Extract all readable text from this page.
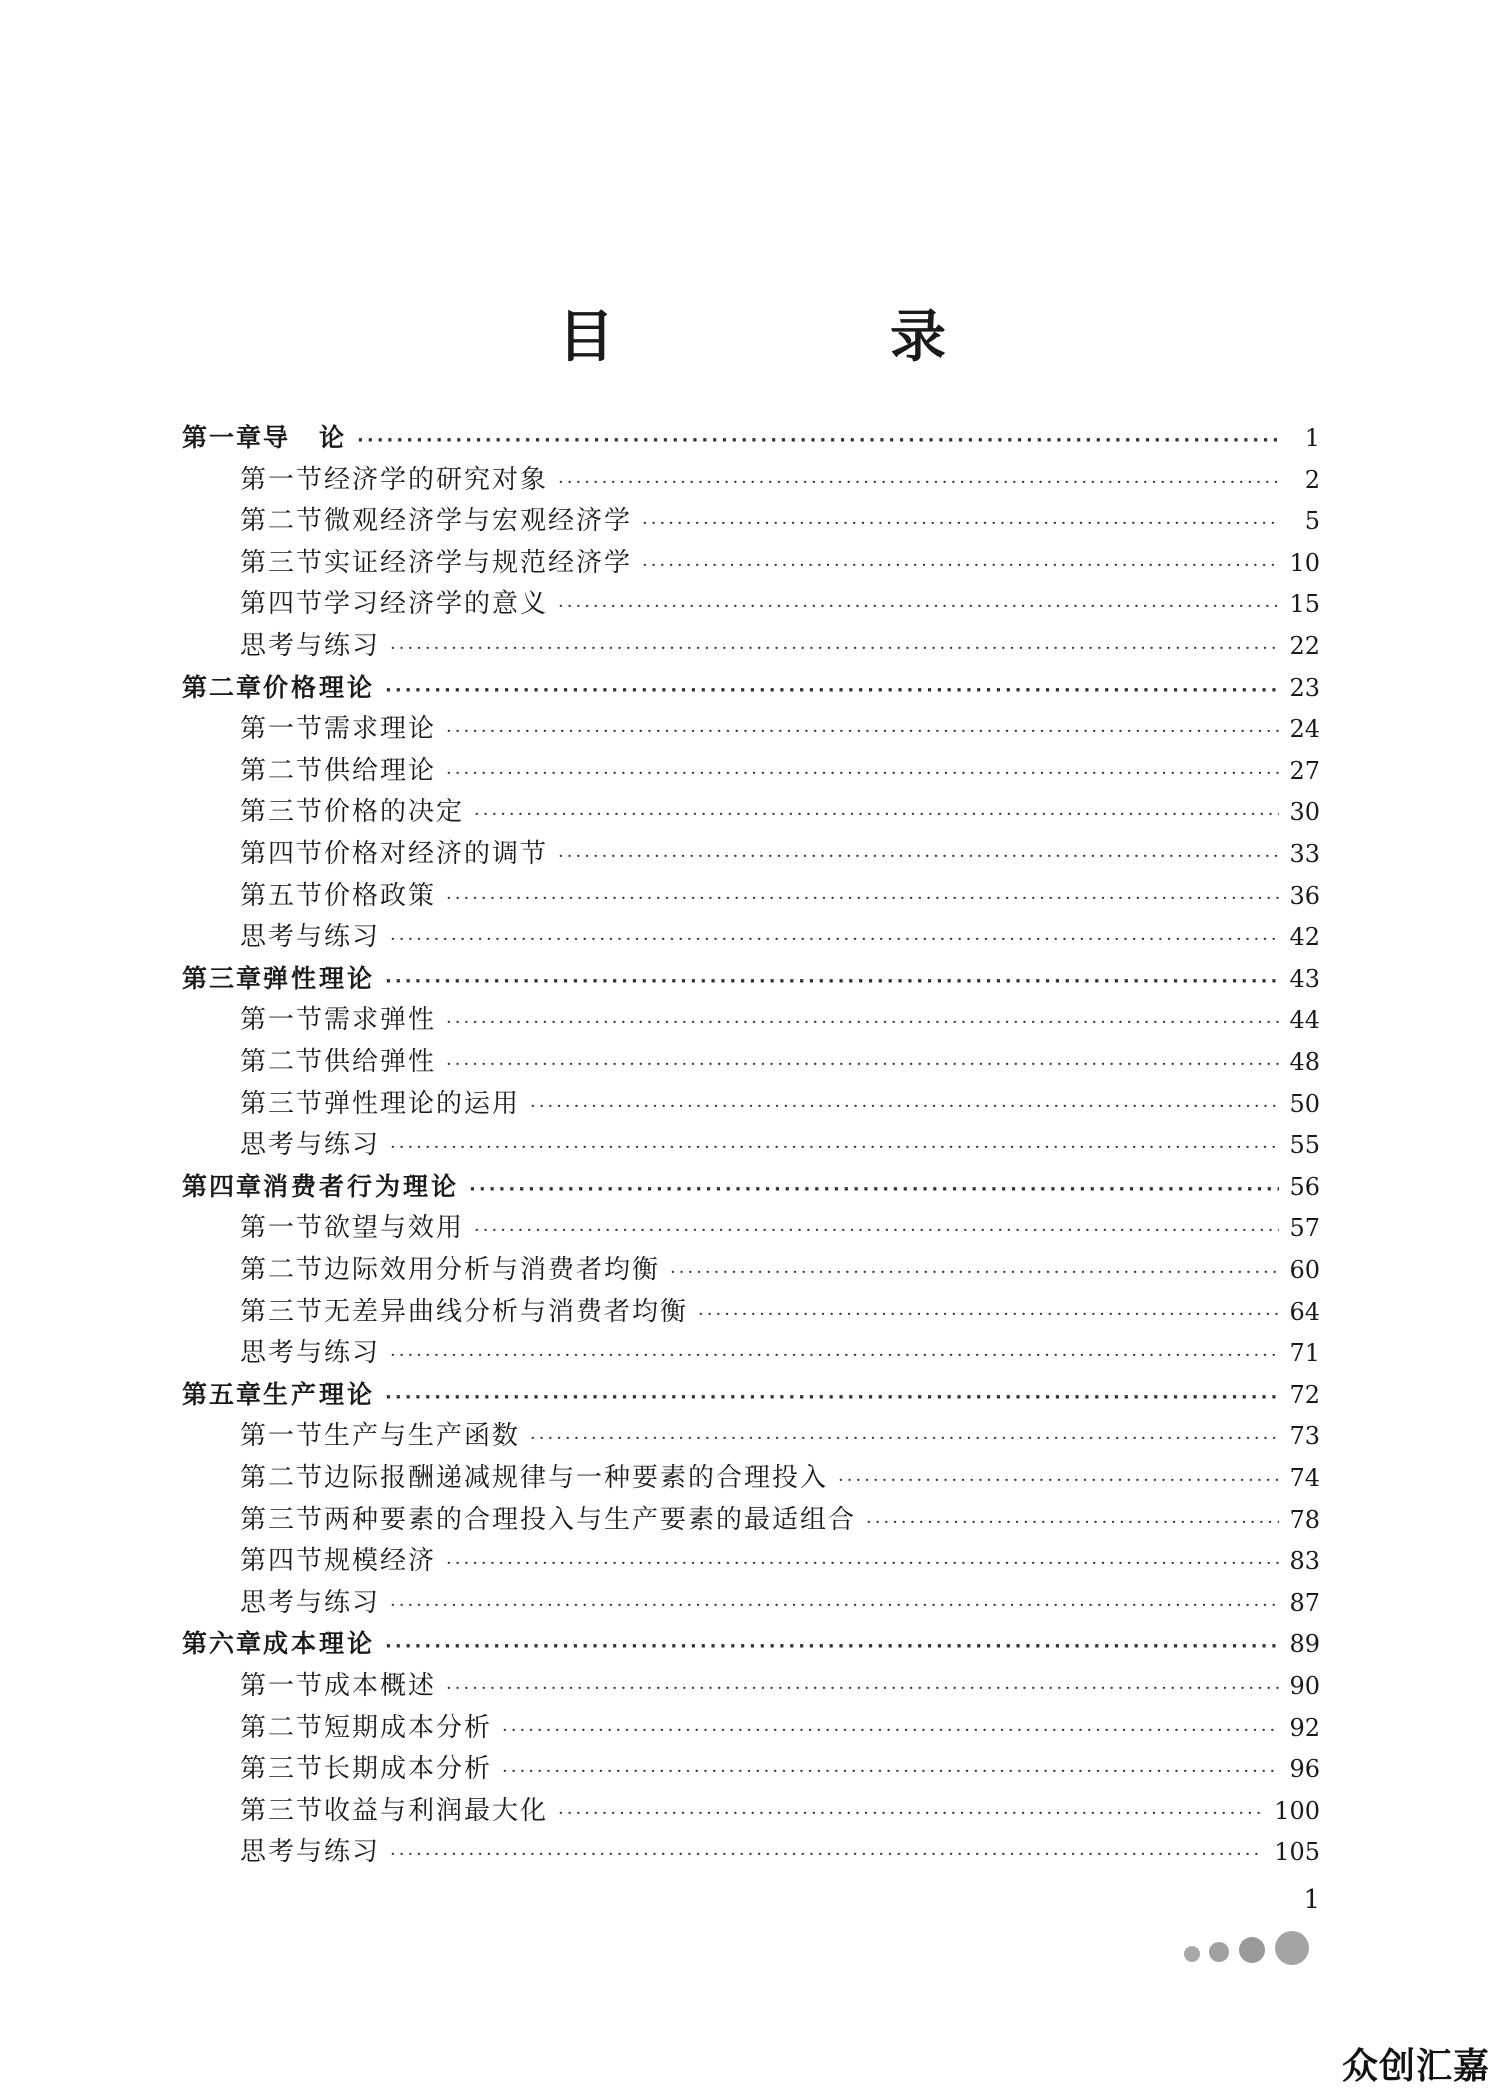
目　录
第一章 导　论 ·····	1
第一节 经济学的研究对象 ·····	2
第二节 微观经济学与宏观经济学 ·····	5
第三节 实证经济学与规范经济学 ·····	10
第四节 学习经济学的意义 ·····	15
思考与练习 ·····	22
第二章 价格理论 ·····	23
第一节 需求理论 ·····	24
第二节 供给理论 ·····	27
第三节 价格的决定 ·····	30
第四节 价格对经济的调节 ·····	33
第五节 价格政策 ·····	36
思考与练习 ·····	42
第三章 弹性理论 ·····	43
第一节 需求弹性 ·····	44
第二节 供给弹性 ·····	48
第三节 弹性理论的运用 ·····	50
思考与练习 ·····	55
第四章 消费者行为理论 ·····	56
第一节 欲望与效用 ·····	57
第二节 边际效用分析与消费者均衡 ·····	60
第三节 无差异曲线分析与消费者均衡 ·····	64
思考与练习 ·····	71
第五章 生产理论 ·····	72
第一节 生产与生产函数 ·····	73
第二节 边际报酬递减规律与一种要素的合理投入 ·····	74
第三节 两种要素的合理投入与生产要素的最适组合 ·····	78
第四节 规模经济 ·····	83
思考与练习 ·····	87
第六章 成本理论 ·····	89
第一节 成本概述 ·····	90
第二节 短期成本分析 ·····	92
第三节 长期成本分析 ·····	96
第三节 收益与利润最大化 ·····	100
思考与练习 ·····	105
1
众创汇嘉
